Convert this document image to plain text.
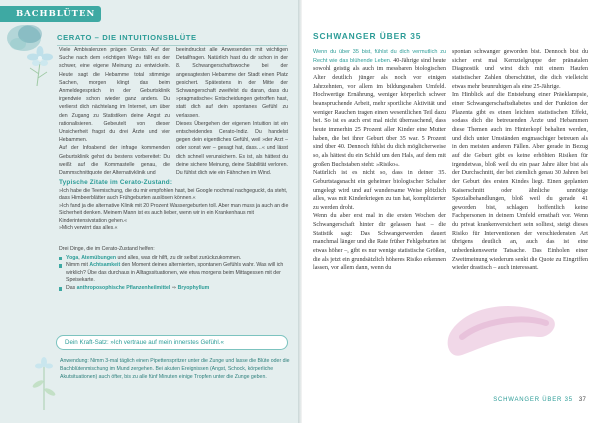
BACHBLÜTEN
CERATO – DIE INTUITIONSBLÜTE

Viele Ambivalenzen prägen Cerato. Auf der Suche nach dem »richtigen Weg« fällt es der schwer, eine eigene Meinung zu entwickeln. Heute sagt die Hebamme total stimmige Sachen, morgen klingt das beim Anmeldegespräch in der Geburtsklinik irgendwie schon wieder ganz anders. Du verlierst dich nächtelang im Internet, um über den Zugang zu Statistiken deine Angst zu rationalisieren. Gebeutelt von dieser Unsicherheit fragst du drei Ärzte und vier Hebammen.

Auf der Infoabend der infrage kommenden Geburtsklinik gehst du bestens vorbereitet: Du weißt auf die Kommastelle genau, die Dammschnittquote der Alternativklinik und

beeindruckst alle Anwesenden mit wichtigen Detailfragen. Natürlich hast du dir schon in der 8. Schwangerschaftswoche bei der angesagtesten Hebamme der Stadt einen Platz gesichert. Spätestens in der Mitte der Schwangerschaft zweifelst du daran, dass du »pragmatische« Entscheidungen getroffen hast, statt dich auf dein spontanes Gefühl zu verlassen.

Dieses Übergehen der eigenen Intuition ist ein entscheidendes Cerato-Indiz. Du handelst gegen dein eigentliches Gefühl, weil »der Arzt – oder sonst wer – gesagt hat, dass…« und lässt dich schnell verunsichern. Es ist, als hättest du deine sichere Meinung, deine Stabilität verloren. Du fühlst dich wie ein Fähnchen im Wind.

Typische Zitate im Cerato-Zustand:

»Ich habe die Teemischung, die du mir empfohlen hast, bei Google nochmal nachgeguckt, da steht, dass Himbeerblätter auch Frühgeburten auslösen können.«

»Ich fand ja die alternative Klinik mit 20 Prozent Wassergeburten toll. Aber man muss ja auch an die Sicherheit denken. Meinem Mann ist es auch lieber, wenn wir in ein Krankenhaus mit Kinderintensivstation gehen.«

»Mich verwirrt das alles.«

Drei Dinge, die im Cerato-Zustand helfen:

Yoga, Atemübungen und alles, was dir hilft, zu dir selbst zurückzukommen.
Nimm mit Achtsamkeit den Moment deines alternierten, spontanen Gefühls wahr. Was will ich wirklich? Übe das durchaus in Alltagssituationen, wie etwa morgens beim Mittagessen mit der Speisekarte.
Das anthroposophische Pflanzenheilmittel ⇒ Bryophyllum
Dein Kraft-Satz: »Ich vertraue auf mein innerstes Gefühl.«
Anwendung: Nimm 3-mal täglich einen Pipettenspritzer unter die Zunge und lasse die Blüte oder die Bachblütenmischung im Mund zergehen. Bei akuten Ereignissen (Angst, Schock, körperliche Akutsituationen) auch öfter, bis zu alle fünf Minuten einige Tropfen unter die Zunge geben.
SCHWANGER ÜBER 35

Wenn du über 35 bist, fühlst du dich vermutlich zu Recht wie das blühende Leben. 40-Jährige sind heute sowohl geistig als auch im messbaren biologischen Alter deutlich jünger als noch vor einigen Jahrzehnten, vor allem im bildungsnahen Umfeld. Hochwertige Ernährung, weniger körperlich schwer beanspruchende Arbeit, mehr sportliche Aktivität und weniger Rauchen tragen einen wesentlichen Teil dazu bei. So ist es auch erst mal nicht überraschend, dass heute immerhin 25 Prozent aller Kinder eine Mutter haben, die bei ihrer Geburt über 35 war. 5 Prozent sind über 40. Dennoch fühlst du dich möglicherweise so, als hättest du ein Schild um den Hals, auf dem mit großen Buchstaben steht: »Risiko«.

Natürlich ist es nicht so, dass in deiner 35. Geburtstagsnacht ein geheimer biologischer Schalter umgelegt wird und auf wundersame Weise plötzlich alles, was mit Kinderkriegen zu tun hat, komplizierter zu werden droht.

Wenn du aber erst mal in die ersten Wochen der Schwangerschaft hinter dir gelassen hast – die Statistik sagt: Das Schwangerwerden dauert manchmal länger und die Rate früher Fehlgeburten ist etwas höher –, gibt es nur wenige statistische Größen, die als jetzt ein grundsätzlich höheres Risiko erkennen lassen, vor allem dann, wenn du

spontan schwanger geworden bist. Dennoch bist du sicher erst mal Kernzielgruppe der pränatalen Diagnostik und wirst dich mit einem Haufen statistischer Zahlen überschüttet, die dich vielleicht etwas mehr beunruhigen als eine 25-Jährige.

Im Hinblick auf die Entstehung einer Präeklampsie, einer Schwangerschaftsdiabetes und der Funktion der Plazenta gibt es einen leichten statistischen Effekt, sodass dich die betreuenden Ärzte und Hebammen diese Themen auch im Hinterkopf behalten werden, und dich unter Umständen engmaschiger betreuen als in den meisten anderen Fällen. Aber gerade in Bezug auf die Geburt gibt es keine erhöhten Risiken für irgendetwas, bloß weil du ein paar Jahre älter bist als der Durchschnitt, der bei ziemlich genau 30 Jahren bei der Geburt des ersten Kindes liegt. Einen geplanten Kaiserschnitt oder ähnliche unnötige Spezialbehandlungen, bloß weil du gerade 41 geworden bist, schlagen hoffentlich keine Fachpersonen in deinem Umfeld ernsthaft vor. Wenn du privat krankenversichert sein solltest, steigt dieses Risiko für Interventionen der verschiedensten Art übrigens deutlich an, auch das ist eine unbedenkenswerte Tatsache. Das Einholen einer Zweitmeinung wiederum senkt die Quote zu Eingriffen wieder drastisch – auch interessant.

SCHWANGER ÜBER 35 37
